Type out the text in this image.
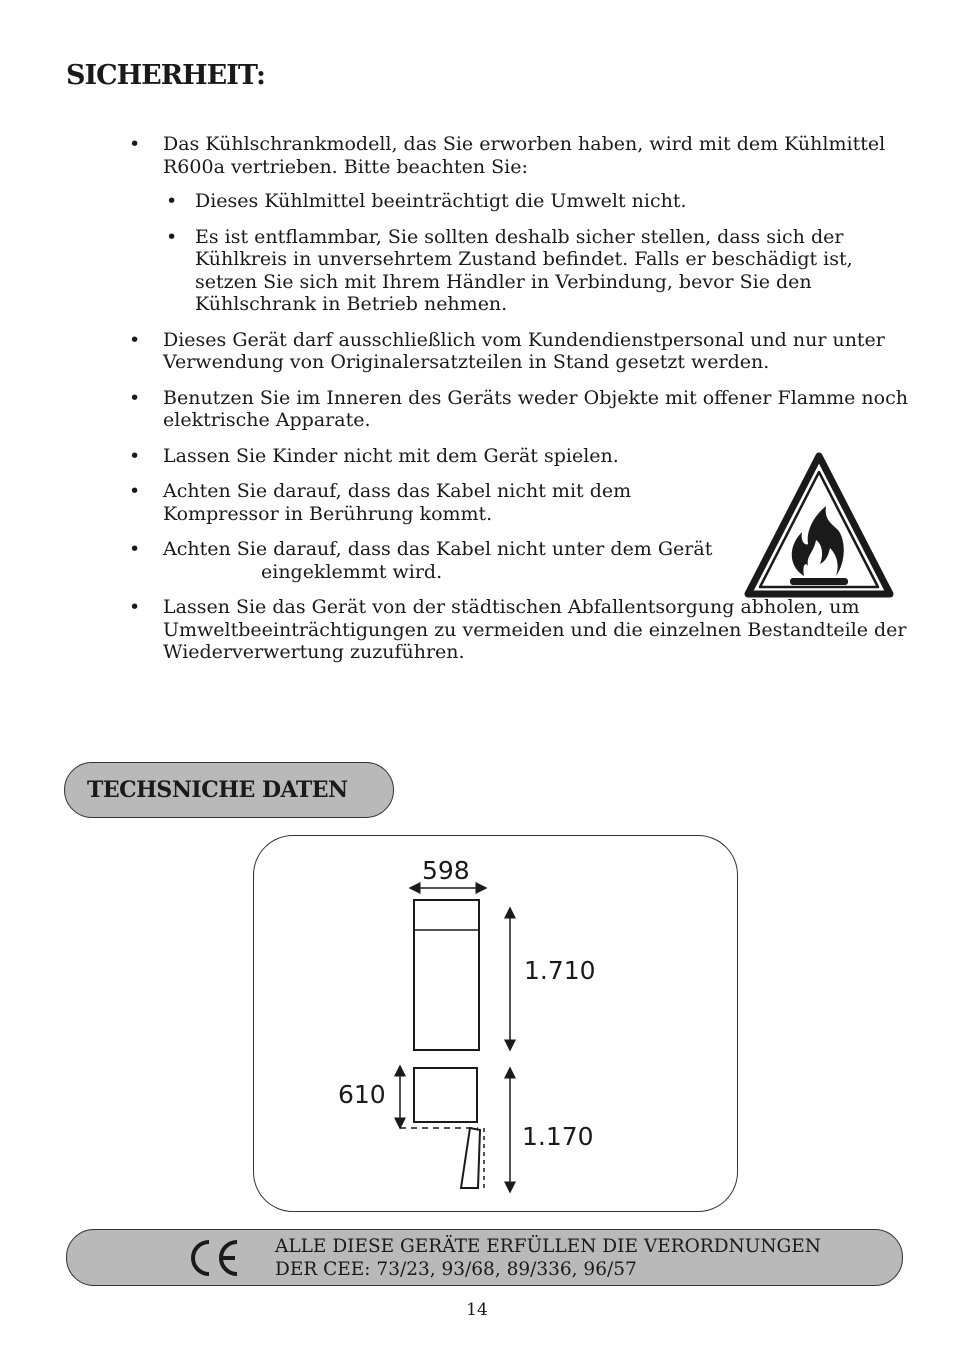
SICHERHEIT:
• Das Kühlschrankmodell, das Sie erworben haben, wird mit dem Kühlmittel R600a vertrieben. Bitte beachten Sie:
• Dieses Kühlmittel beeinträchtigt die Umwelt nicht.
• Es ist entflammbar, Sie sollten deshalb sicher stellen, dass sich der Kühlkreis in unversehrtem Zustand befindet. Falls er beschädigt ist, setzen Sie sich mit Ihrem Händler in Verbindung, bevor Sie den Kühlschrank in Betrieb nehmen.
• Dieses Gerät darf ausschließlich vom Kundendienstpersonal und nur unter Verwendung von Originalersatzteilen in Stand gesetzt werden.
• Benutzen Sie im Inneren des Geräts weder Objekte mit offener Flamme noch elektrische Apparate.
• Lassen Sie Kinder nicht mit dem Gerät spielen.
• Achten Sie darauf, dass das Kabel nicht mit dem Kompressor in Berührung kommt.
• Achten Sie darauf, dass das Kabel nicht unter dem Geräteingeklemmt wird.
• Lassen Sie das Gerät von der städtischen Abfallentsorgung abholen, um Umweltbeeinträchtigungen zu vermeiden und die einzelnen Bestandteile der Wiederverwertung zuzuführen.
TECHSNICHE DATEN
598
1.710
610
1.170
ALLE DIESE GERÄTE ERFÜLLEN DIE VERORDNUNGEN
DER CEE: 73/23, 93/68, 89/336, 96/57
14
